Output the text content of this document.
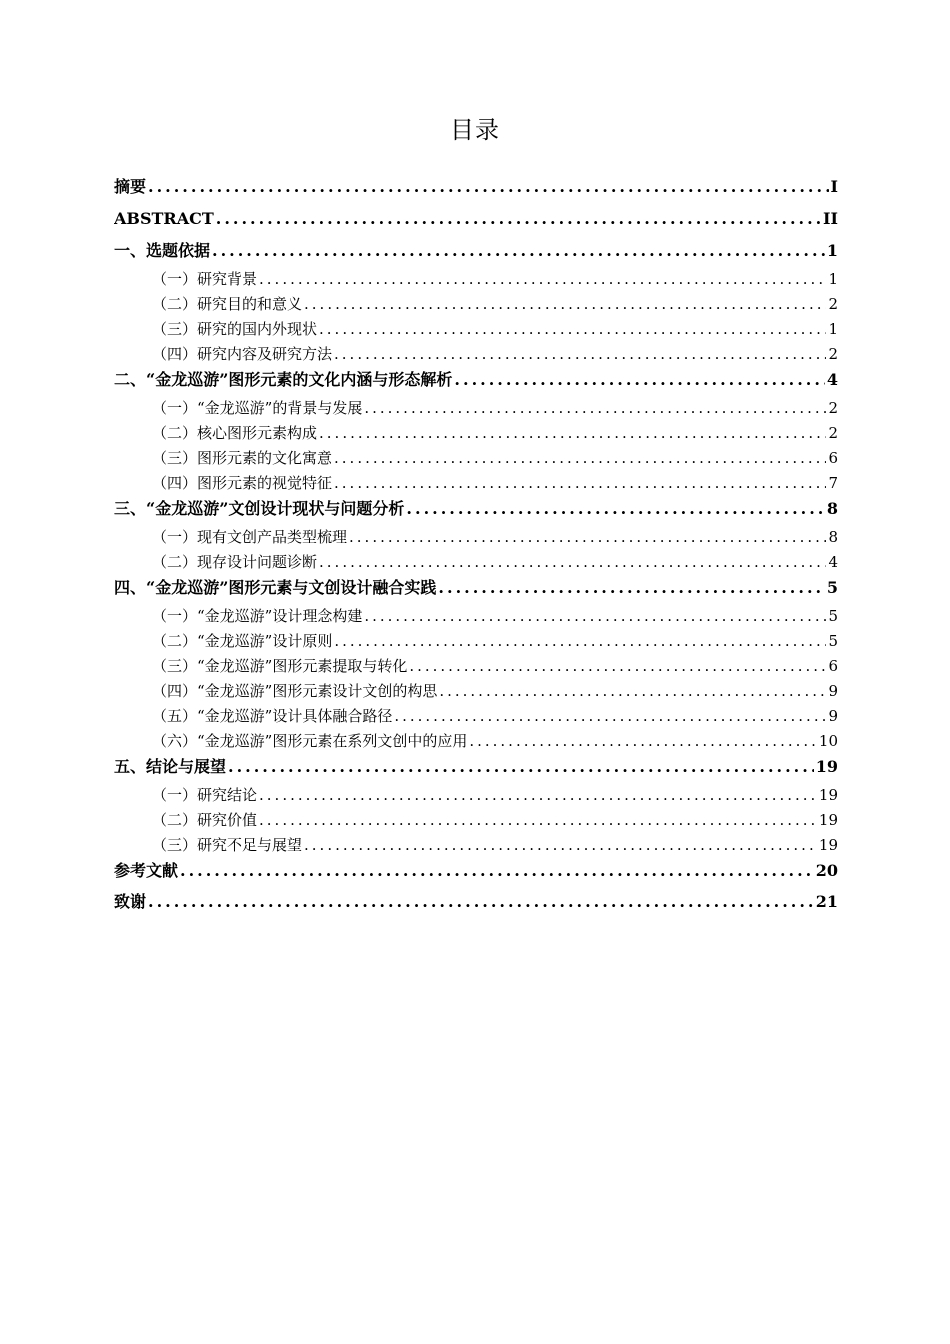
目录
摘要 .....	I
ABSTRACT .....	II
一、选题依据 .....	1
（一）研究背景 .....	1
（二）研究目的和意义 .....	2
（三）研究的国内外现状 .....	1
（四）研究内容及研究方法 .....	2
二、“金龙巡游”图形元素的文化内涵与形态解析 .....	4
（一）“金龙巡游”的背景与发展 .....	2
（二）核心图形元素构成 .....	2
（三）图形元素的文化寓意 .....	6
（四）图形元素的视觉特征 .....	7
三、“金龙巡游”文创设计现状与问题分析 .....	8
（一）现有文创产品类型梳理 .....	8
（二）现存设计问题诊断 .....	4
四、“金龙巡游”图形元素与文创设计融合实践 .....	5
（一）“金龙巡游”设计理念构建 .....	5
（二）“金龙巡游”设计原则 .....	5
（三）“金龙巡游”图形元素提取与转化 .....	6
（四）“金龙巡游”图形元素设计文创的构思 .....	9
（五）“金龙巡游”设计具体融合路径 .....	9
（六）“金龙巡游”图形元素在系列文创中的应用 .....	10
五、结论与展望 .....	19
（一）研究结论 .....	19
（二）研究价值 .....	19
（三）研究不足与展望 .....	19
参考文献 .....	20
致谢 .....	21
